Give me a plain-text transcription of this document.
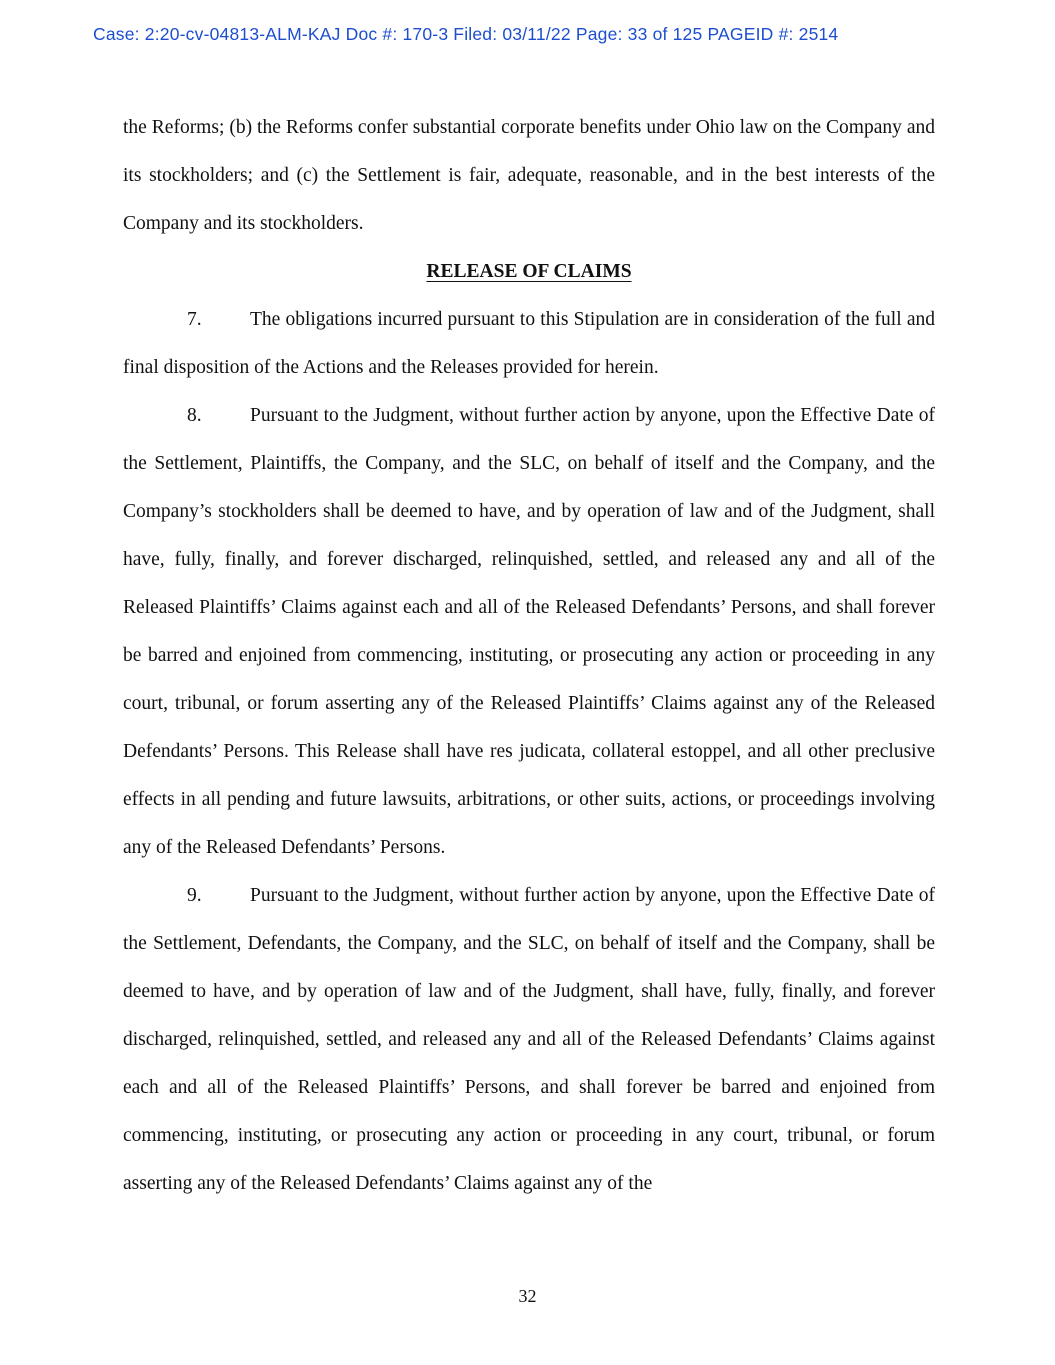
Case: 2:20-cv-04813-ALM-KAJ Doc #: 170-3 Filed: 03/11/22 Page: 33 of 125 PAGEID #: 2514

the Reforms; (b) the Reforms confer substantial corporate benefits under Ohio law on the Company and its stockholders; and (c) the Settlement is fair, adequate, reasonable, and in the best interests of the Company and its stockholders.

RELEASE OF CLAIMS

7. The obligations incurred pursuant to this Stipulation are in consideration of the full and final disposition of the Actions and the Releases provided for herein.

8. Pursuant to the Judgment, without further action by anyone, upon the Effective Date of the Settlement, Plaintiffs, the Company, and the SLC, on behalf of itself and the Company, and the Company’s stockholders shall be deemed to have, and by operation of law and of the Judgment, shall have, fully, finally, and forever discharged, relinquished, settled, and released any and all of the Released Plaintiffs’ Claims against each and all of the Released Defendants’ Persons, and shall forever be barred and enjoined from commencing, instituting, or prosecuting any action or proceeding in any court, tribunal, or forum asserting any of the Released Plaintiffs’ Claims against any of the Released Defendants’ Persons. This Release shall have res judicata, collateral estoppel, and all other preclusive effects in all pending and future lawsuits, arbitrations, or other suits, actions, or proceedings involving any of the Released Defendants’ Persons.

9. Pursuant to the Judgment, without further action by anyone, upon the Effective Date of the Settlement, Defendants, the Company, and the SLC, on behalf of itself and the Company, shall be deemed to have, and by operation of law and of the Judgment, shall have, fully, finally, and forever discharged, relinquished, settled, and released any and all of the Released Defendants’ Claims against each and all of the Released Plaintiffs’ Persons, and shall forever be barred and enjoined from commencing, instituting, or prosecuting any action or proceeding in any court, tribunal, or forum asserting any of the Released Defendants’ Claims against any of the

32
